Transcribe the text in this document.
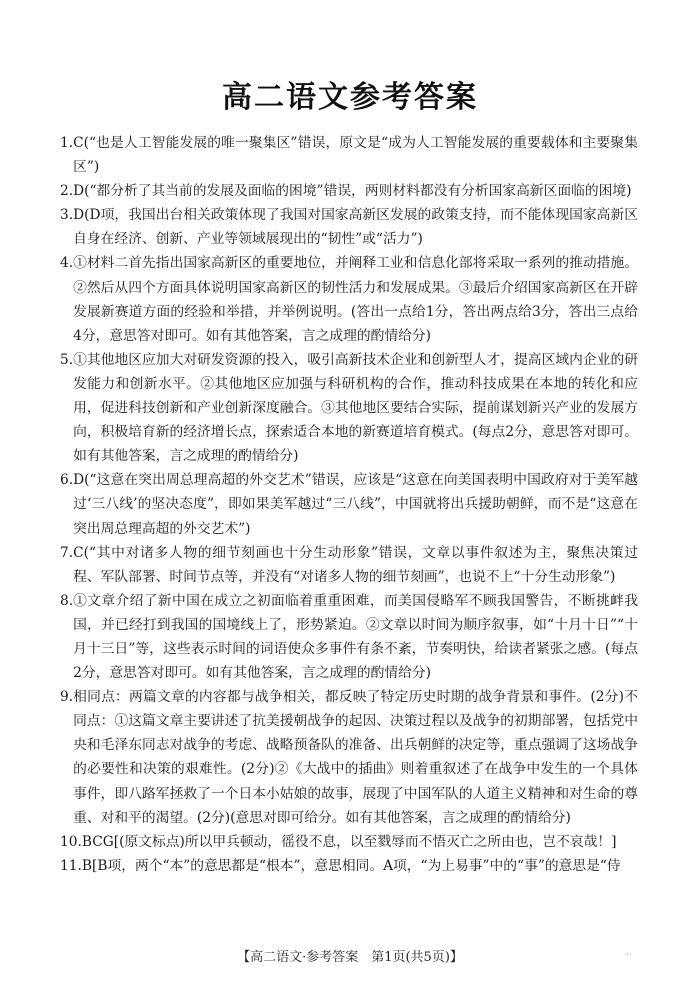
高二语文参考答案
1. C(“也是人工智能发展的唯一聚集区”错误，原文是“成为人工智能发展的重要载体和主要聚集区”)
2. D(“都分析了其当前的发展及面临的困境”错误，两则材料都没有分析国家高新区面临的困境)
3. D(D项，我国出台相关政策体现了我国对国家高新区发展的政策支持，而不能体现国家高新区自身在经济、创新、产业等领域展现出的“韧性”或“活力”)
4. ①材料二首先指出国家高新区的重要地位，并阐释工业和信息化部将采取一系列的推动措施。②然后从四个方面具体说明国家高新区的韧性活力和发展成果。③最后介绍国家高新区在开辟发展新赛道方面的经验和举措，并举例说明。(答出一点给1分，答出两点给3分，答出三点给4分，意思答对即可。如有其他答案，言之成理的酌情给分)
5. ①其他地区应加大对研发资源的投入，吸引高新技术企业和创新型人才，提高区域内企业的研发能力和创新水平。②其他地区应加强与科研机构的合作，推动科技成果在本地的转化和应用，促进科技创新和产业创新深度融合。③其他地区要结合实际，提前谋划新兴产业的发展方向，积极培育新的经济增长点，探索适合本地的新赛道培育模式。(每点2分，意思答对即可。如有其他答案，言之成理的酌情给分)
6. D(“这意在突出周总理高超的外交艺术”错误，应该是“这意在向美国表明中国政府对于美军越过‘三八线’的坚决态度”，即如果美军越过“三八线”，中国就将出兵援助朝鲜，而不是“这意在突出周总理高超的外交艺术”)
7. C(“其中对诸多人物的细节刻画也十分生动形象”错误，文章以事件叙述为主，聚焦决策过程、军队部署、时间节点等，并没有“对诸多人物的细节刻画”，也说不上“十分生动形象”)
8. ①文章介绍了新中国在成立之初面临着重重困难，而美国侵略军不顾我国警告，不断挑衅我国，并已经打到我国的国境线上了，形势紧迫。②文章以时间为顺序叙事，如“十月十日”“十月十三日”等，这些表示时间的词语使众多事件有条不紊，节奏明快，给读者紧张之感。(每点2分，意思答对即可。如有其他答案，言之成理的酌情给分)
9. 相同点：两篇文章的内容都与战争相关，都反映了特定历史时期的战争背景和事件。(2分)不同点：①这篇文章主要讲述了抗美援朝战争的起因、决策过程以及战争的初期部署，包括党中央和毛泽东同志对战争的考虑、战略预备队的准备、出兵朝鲜的决定等，重点强调了这场战争的必要性和决策的艰难性。(2分)②《大战中的插曲》则着重叙述了在战争中发生的一个具体事件，即八路军拯救了一个日本小姑娘的故事，展现了中国军队的人道主义精神和对生命的尊重、对和平的渴望。(2分)(意思对即可给分。如有其他答案，言之成理的酌情给分)
10. BCG[(原文标点)所以甲兵顿动，徭役不息，以至戮辱而不悟灭亡之所由也，岂不哀哉！]
11. B[B项，两个“本”的意思都是“根本”，意思相同。A项，“为上易事”中的“事”的意思是“侍
【高二语文·参考答案　第1页(共5页)】	··
